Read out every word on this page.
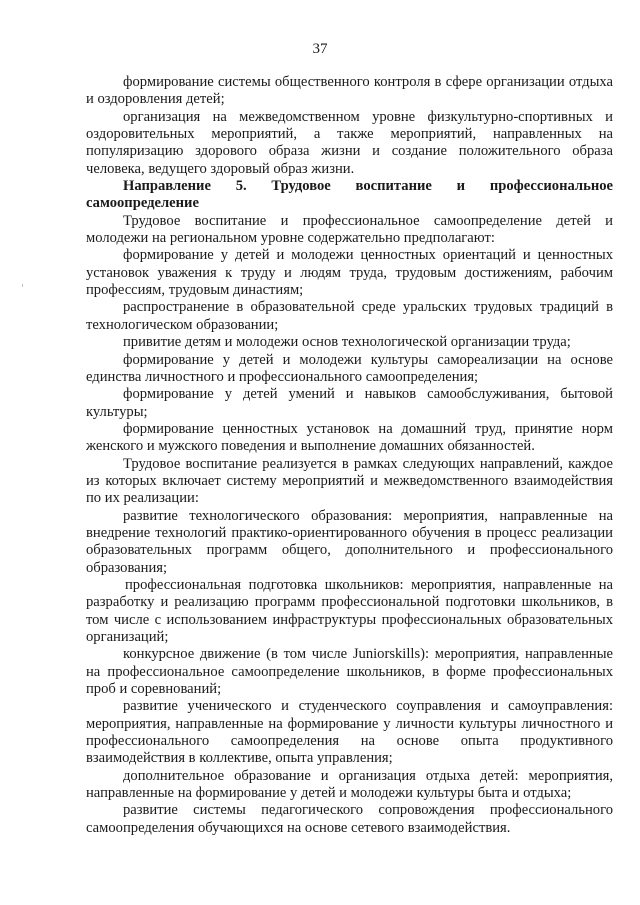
37

формирование системы общественного контроля в сфере организации отдыха и оздоровления детей;

организация на межведомственном уровне физкультурно-спортивных и оздоровительных мероприятий, а также мероприятий, направленных на популяризацию здорового образа жизни и создание положительного образа человека, ведущего здоровый образ жизни.

Направление 5. Трудовое воспитание и профессиональное самоопределение

Трудовое воспитание и профессиональное самоопределение детей и молодежи на региональном уровне содержательно предполагают:

формирование у детей и молодежи ценностных ориентаций и ценностных установок уважения к труду и людям труда, трудовым достижениям, рабочим профессиям, трудовым династиям;

распространение в образовательной среде уральских трудовых традиций в технологическом образовании;

привитие детям и молодежи основ технологической организации труда;

формирование у детей и молодежи культуры самореализации на основе единства личностного и профессионального самоопределения;

формирование у детей умений и навыков самообслуживания, бытовой культуры;

формирование ценностных установок на домашний труд, принятие норм женского и мужского поведения и выполнение домашних обязанностей.

Трудовое воспитание реализуется в рамках следующих направлений, каждое из которых включает систему мероприятий и межведомственного взаимодействия по их реализации:

развитие технологического образования: мероприятия, направленные на внедрение технологий практико-ориентированного обучения в процесс реализации образовательных программ общего, дополнительного и профессионального образования;

профессиональная подготовка школьников: мероприятия, направленные на разработку и реализацию программ профессиональной подготовки школьников, в том числе с использованием инфраструктуры профессиональных образовательных организаций;

конкурсное движение (в том числе Juniorskills): мероприятия, направленные на профессиональное самоопределение школьников, в форме профессиональных проб и соревнований;

развитие ученического и студенческого соуправления и самоуправления: мероприятия, направленные на формирование у личности культуры личностного и профессионального самоопределения на основе опыта продуктивного взаимодействия в коллективе, опыта управления;

дополнительное образование и организация отдыха детей: мероприятия, направленные на формирование у детей и молодежи культуры быта и отдыха;

развитие системы педагогического сопровождения профессионального самоопределения обучающихся на основе сетевого взаимодействия.
